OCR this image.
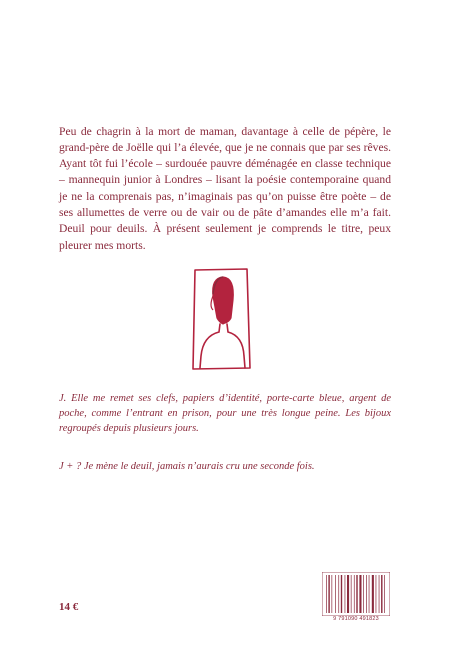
Peu de chagrin à la mort de maman, davantage à celle de pépère, le grand-père de Joëlle qui l’a élevée, que je ne connais que par ses rêves. Ayant tôt fui l’école – surdouée pauvre déménagée en classe technique – mannequin junior à Londres – lisant la poésie contemporaine quand je ne la comprenais pas, n’imaginais pas qu’on puisse être poète – de ses allumettes de verre ou de vair ou de pâte d’amandes elle m’a fait. Deuil pour deuils. À présent seulement je comprends le titre, peux pleurer mes morts.

J. Elle me remet ses clefs, papiers d’identité, porte-carte bleue, argent de poche, comme l’entrant en prison, pour une très longue peine. Les bijoux regroupés depuis plusieurs jours.

J + ? Je mène le deuil, jamais n’aurais cru une seconde fois.

14 €
9 791090 491823
